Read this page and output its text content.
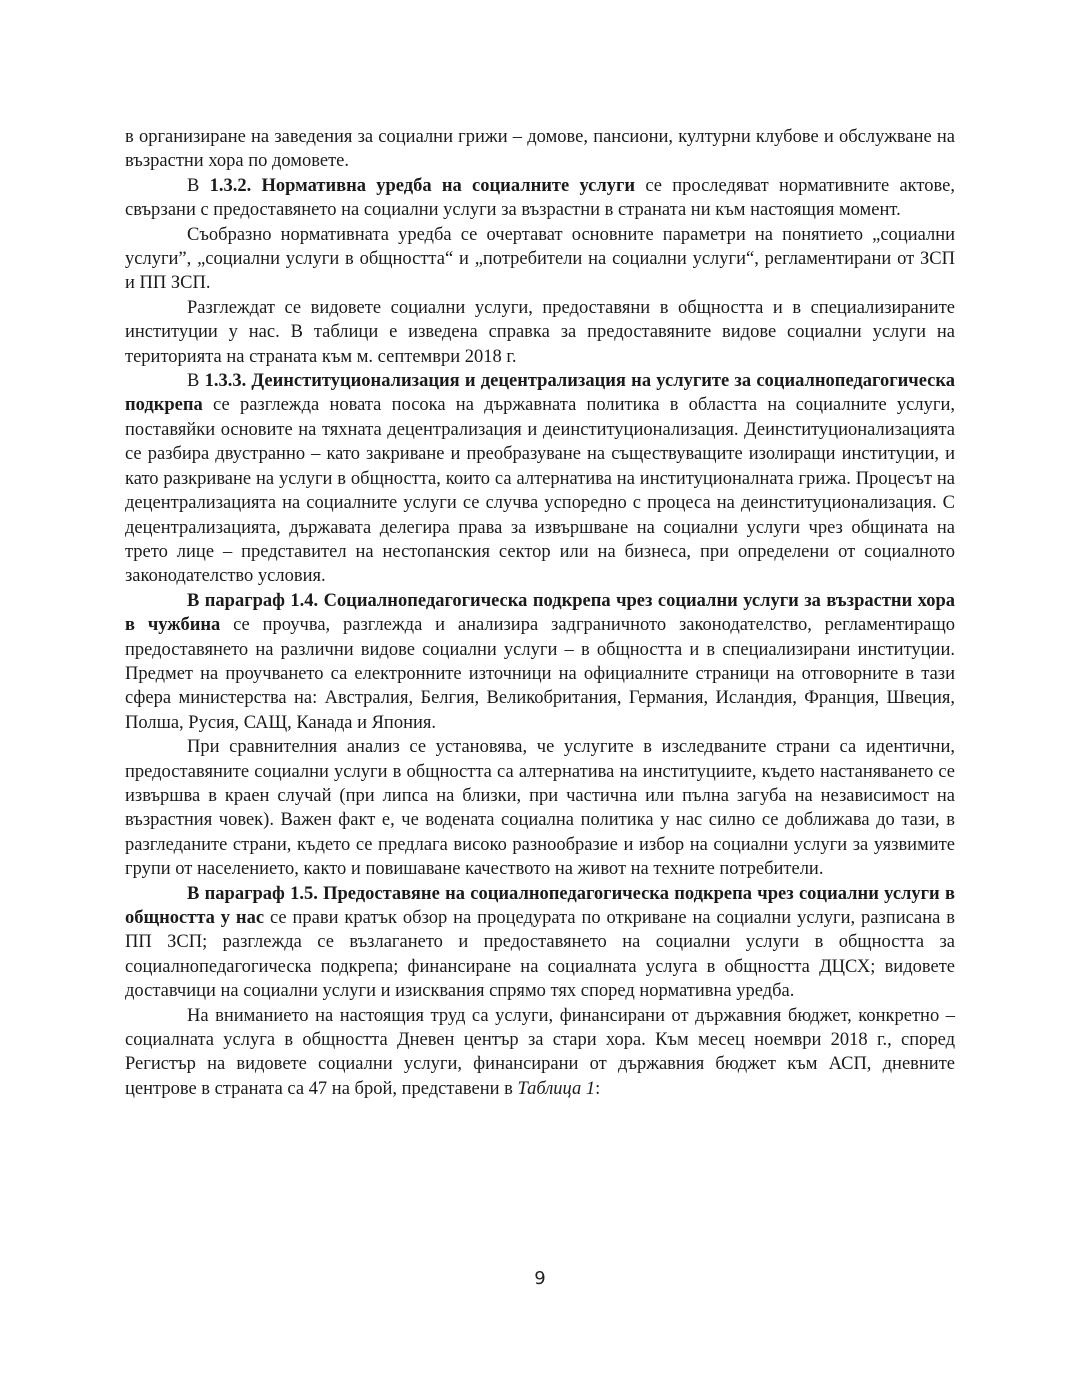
в организиране на заведения за социални грижи – домове, пансиони, културни клубове и обслужване на възрастни хора по домовете.

В 1.3.2. Нормативна уредба на социалните услуги се проследяват нормативните актове, свързани с предоставянето на социални услуги за възрастни в страната ни към настоящия момент.

Съобразно нормативната уредба се очертават основните параметри на понятието „социални услуги”, „социални услуги в общността“ и „потребители на социални услуги“, регламентирани от ЗСП и ПП ЗСП.

Разглеждат се видовете социални услуги, предоставяни в общността и в специализираните институции у нас. В таблици е изведена справка за предоставяните видове социални услуги на територията на страната към м. септември 2018 г.

В 1.3.3. Деинституционализация и децентрализация на услугите за социалнопедагогическа подкрепа се разглежда новата посока на държавната политика в областта на социалните услуги, поставяйки основите на тяхната децентрализация и деинституционализация. Деинституционализацията се разбира двустранно – като закриване и преобразуване на съществуващите изолиращи институции, и като разкриване на услуги в общността, които са алтернатива на институционалната грижа. Процесът на децентрализацията на социалните услуги се случва успоредно с процеса на деинституционализация. С децентрализацията, държавата делегира права за извършване на социални услуги чрез общината на трето лице – представител на нестопанския сектор или на бизнеса, при определени от социалното законодателство условия.

В параграф 1.4. Социалнопедагогическа подкрепа чрез социални услуги за възрастни хора в чужбина се проучва, разглежда и анализира задграничното законодателство, регламентиращо предоставянето на различни видове социални услуги – в общността и в специализирани институции. Предмет на проучването са електронните източници на официалните страници на отговорните в тази сфера министерства на: Австралия, Белгия, Великобритания, Германия, Исландия, Франция, Швеция, Полша, Русия, САЩ, Канада и Япония.

При сравнителния анализ се установява, че услугите в изследваните страни са идентични, предоставяните социални услуги в общността са алтернатива на институциите, където настаняването се извършва в краен случай (при липса на близки, при частична или пълна загуба на независимост на възрастния човек). Важен факт е, че водената социална политика у нас силно се доближава до тази, в разгледаните страни, където се предлага високо разнообразие и избор на социални услуги за уязвимите групи от населението, както и повишаване качеството на живот на техните потребители.

В параграф 1.5. Предоставяне на социалнопедагогическа подкрепа чрез социални услуги в общността у нас се прави кратък обзор на процедурата по откриване на социални услуги, разписана в ПП ЗСП; разглежда се възлагането и предоставянето на социални услуги в общността за социалнопедагогическа подкрепа; финансиране на социалната услуга в общността ДЦСХ; видовете доставчици на социални услуги и изисквания спрямо тях според нормативна уредба.

На вниманието на настоящия труд са услуги, финансирани от държавния бюджет, конкретно – социалната услуга в общността Дневен център за стари хора. Към месец ноември 2018 г., според Регистър на видовете социални услуги, финансирани от държавния бюджет към АСП, дневните центрове в страната са 47 на брой, представени в Таблица 1:

9
